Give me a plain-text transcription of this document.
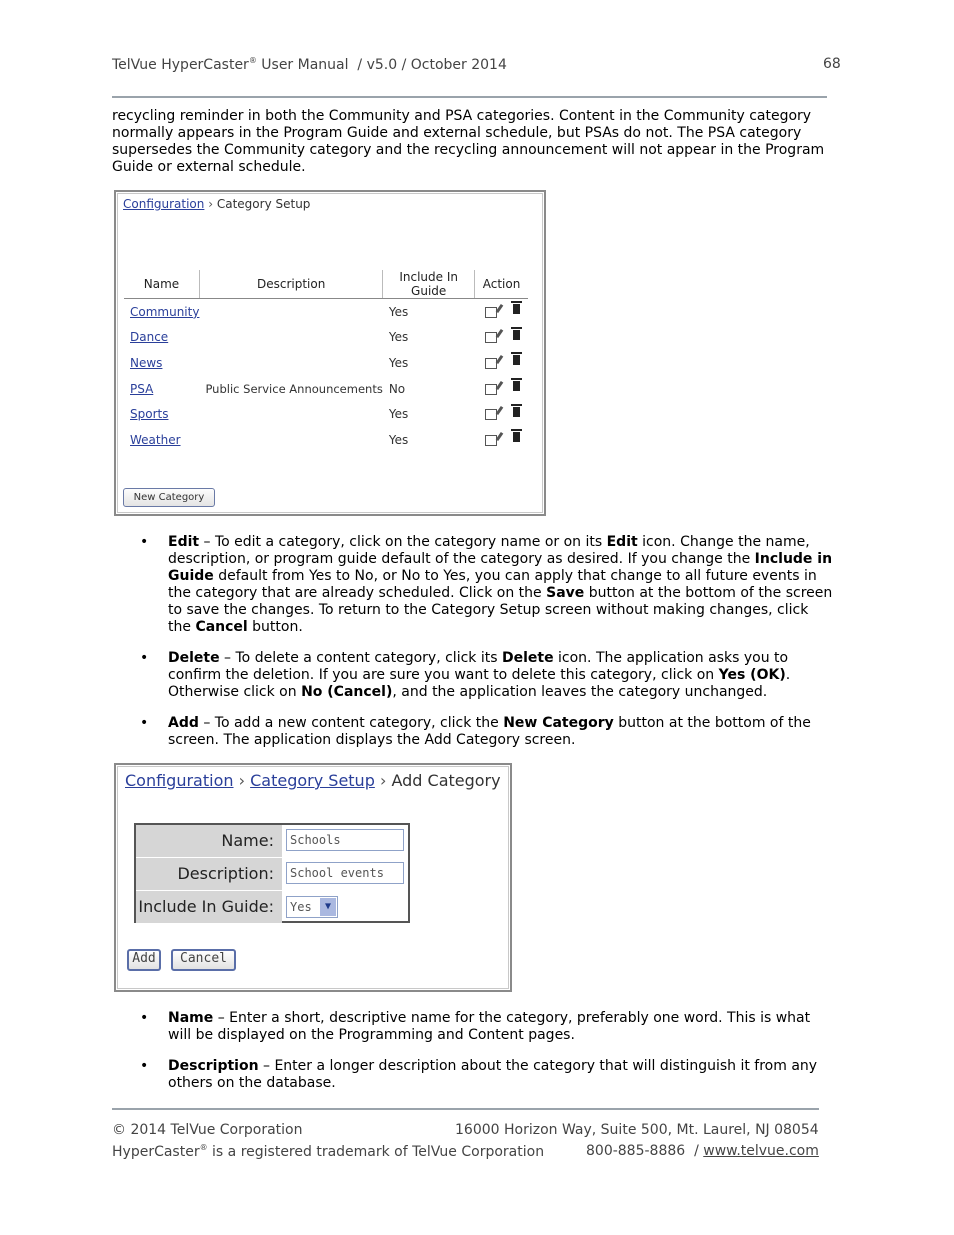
TelVue HyperCaster® User Manual  / v5.0 / October 2014	68
recycling reminder in both the Community and PSA categories. Content in the Community category
normally appears in the Program Guide and external schedule, but PSAs do not. The PSA category
supersedes the Community category and the recycling announcement will not appear in the Program
Guide or external schedule.
Configuration › Category Setup
Name	Description	Include In Guide	Action
Community		Yes	
Dance		Yes	
News		Yes	
PSA	Public Service Announcements	No	
Sports		Yes	
Weather		Yes	
New Category
• Edit – To edit a category, click on the category name or on its Edit icon. Change the name,
description, or program guide default of the category as desired. If you change the Include in
Guide default from Yes to No, or No to Yes, you can apply that change to all future events in
the category that are already scheduled. Click on the Save button at the bottom of the screen
to save the changes. To return to the Category Setup screen without making changes, click
the Cancel button.
• Delete – To delete a content category, click its Delete icon. The application asks you to
confirm the deletion. If you are sure you want to delete this category, click on Yes (OK).
Otherwise click on No (Cancel), and the application leaves the category unchanged.
• Add – To add a new content category, click the New Category button at the bottom of the
screen. The application displays the Add Category screen.
Configuration › Category Setup › Add Category
Name:	Schools
Description:	School events
Include In Guide:	Yes	▼
Add	Cancel
• Name – Enter a short, descriptive name for the category, preferably one word. This is what
will be displayed on the Programming and Content pages.
• Description – Enter a longer description about the category that will distinguish it from any
others on the database.
© 2014 TelVue Corporation	16000 Horizon Way, Suite 500, Mt. Laurel, NJ 08054
HyperCaster® is a registered trademark of TelVue Corporation	800-885-8886  / www.telvue.com
